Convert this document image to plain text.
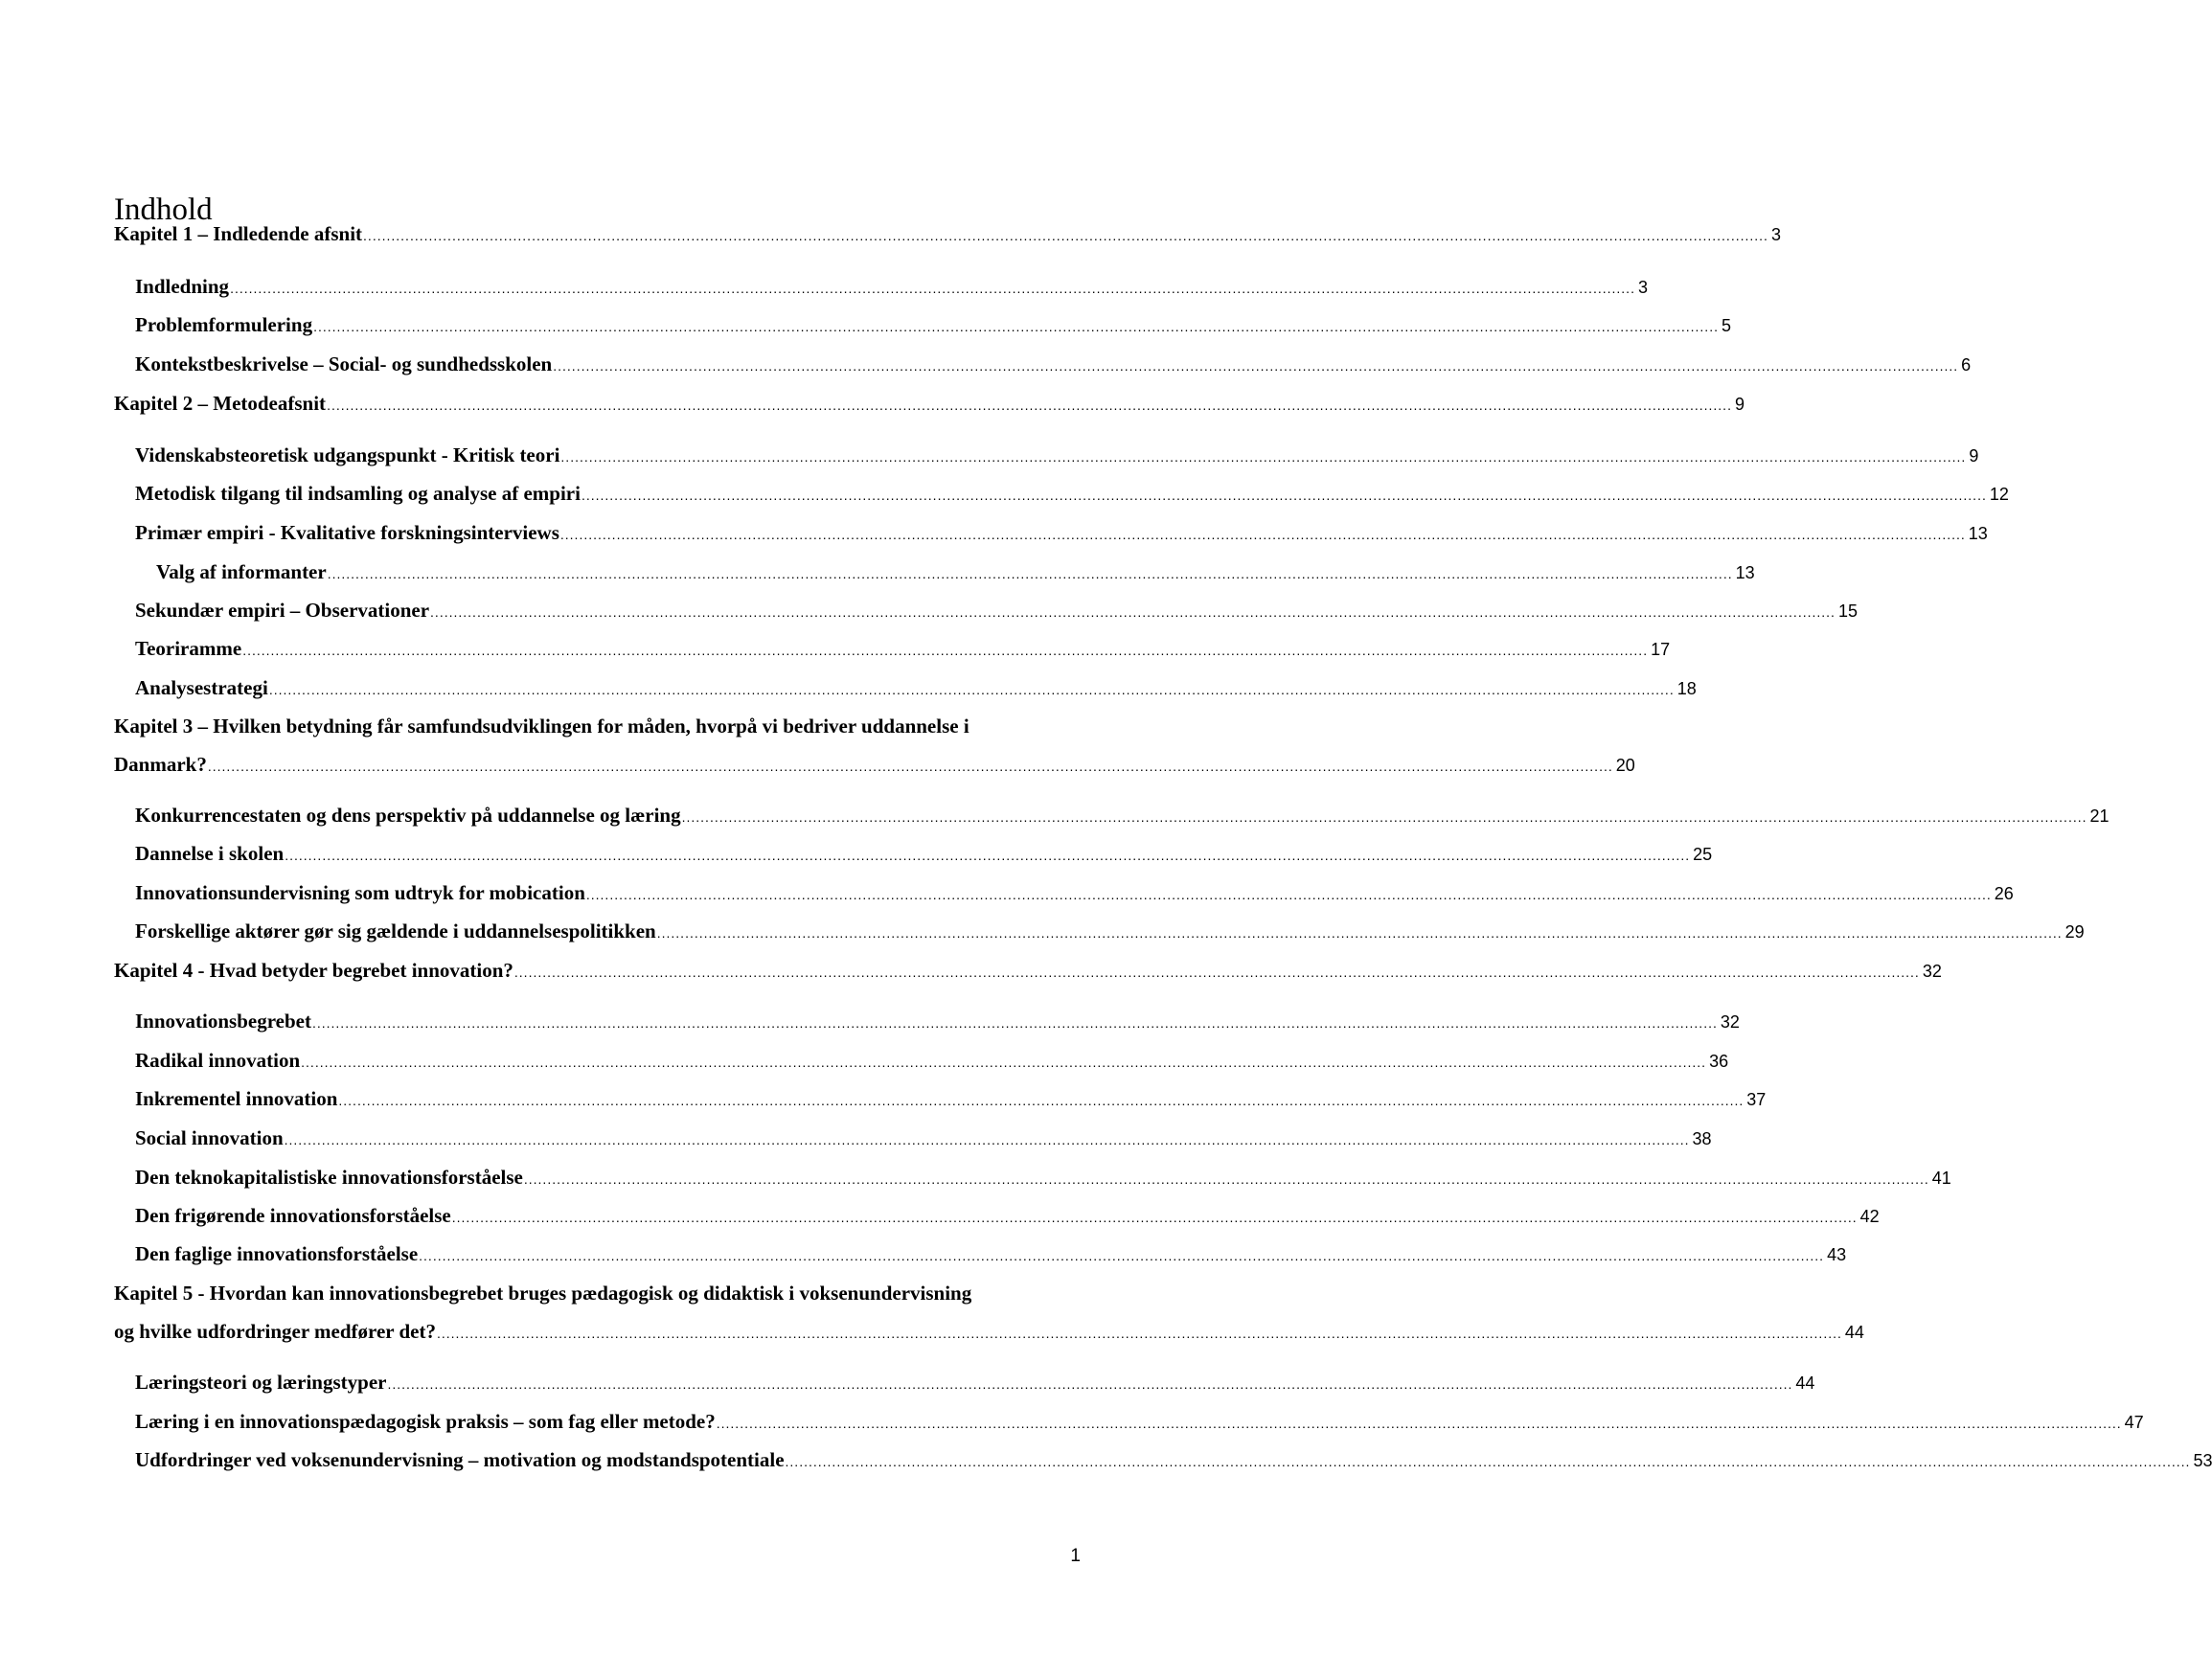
Indhold
Kapitel 1 – Indledende afsnit ............................................................................................................................................................................................................................................................................................................ 3
Indledning ............................................................................................................................................................................................................................................................................................................ 3
Problemformulering ............................................................................................................................................................................................................................................................................................................ 5
Kontekstbeskrivelse – Social- og sundhedsskolen ............................................................................................................................................................................................................................................................................................................ 6
Kapitel 2 – Metodeafsnit ............................................................................................................................................................................................................................................................................................................ 9
Videnskabsteoretisk udgangspunkt - Kritisk teori ............................................................................................................................................................................................................................................................................................................ 9
Metodisk tilgang til indsamling og analyse af empiri ............................................................................................................................................................................................................................................................................................................ 12
Primær empiri - Kvalitative forskningsinterviews ............................................................................................................................................................................................................................................................................................................ 13
Valg af informanter ............................................................................................................................................................................................................................................................................................................ 13
Sekundær empiri – Observationer ............................................................................................................................................................................................................................................................................................................ 15
Teoriramme ............................................................................................................................................................................................................................................................................................................ 17
Analysestrategi ............................................................................................................................................................................................................................................................................................................ 18
Kapitel 3 – Hvilken betydning får samfundsudviklingen for måden, hvorpå vi bedriver uddannelse i
Danmark? ............................................................................................................................................................................................................................................................................................................ 20
Konkurrencestaten og dens perspektiv på uddannelse og læring ............................................................................................................................................................................................................................................................................................................ 21
Dannelse i skolen ............................................................................................................................................................................................................................................................................................................ 25
Innovationsundervisning som udtryk for mobication ............................................................................................................................................................................................................................................................................................................ 26
Forskellige aktører gør sig gældende i uddannelsespolitikken ............................................................................................................................................................................................................................................................................................................ 29
Kapitel 4 - Hvad betyder begrebet innovation? ............................................................................................................................................................................................................................................................................................................ 32
Innovationsbegrebet ............................................................................................................................................................................................................................................................................................................ 32
Radikal innovation ............................................................................................................................................................................................................................................................................................................ 36
Inkrementel innovation ............................................................................................................................................................................................................................................................................................................ 37
Social innovation ............................................................................................................................................................................................................................................................................................................ 38
Den teknokapitalistiske innovationsforståelse ............................................................................................................................................................................................................................................................................................................ 41
Den frigørende innovationsforståelse ............................................................................................................................................................................................................................................................................................................ 42
Den faglige innovationsforståelse ............................................................................................................................................................................................................................................................................................................ 43
Kapitel 5 - Hvordan kan innovationsbegrebet bruges pædagogisk og didaktisk i voksenundervisning
og hvilke udfordringer medfører det? ............................................................................................................................................................................................................................................................................................................ 44
Læringsteori og læringstyper ............................................................................................................................................................................................................................................................................................................ 44
Læring i en innovationspædagogisk praksis – som fag eller metode? ............................................................................................................................................................................................................................................................................................................ 47
Udfordringer ved voksenundervisning – motivation og modstandspotentiale ............................................................................................................................................................................................................................................................................................................ 53
1
